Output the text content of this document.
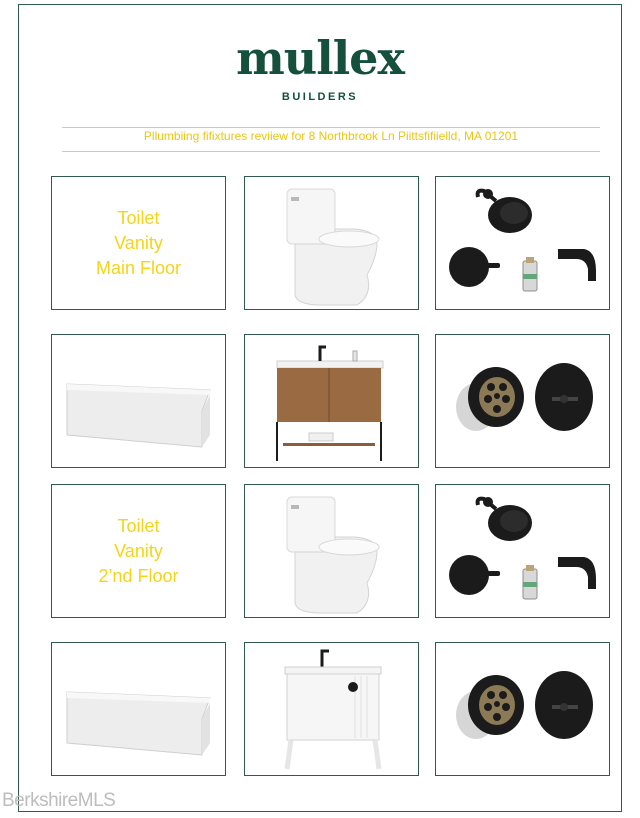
mullex
BUILDERS
Pllumbiing fifixtures reviiew for 8 Northbrook Ln Piittsfifiielld, MA 01201
Toilet
Vanity
Main Floor
Toilet
Vanity
2’nd Floor
BerkshireMLS
